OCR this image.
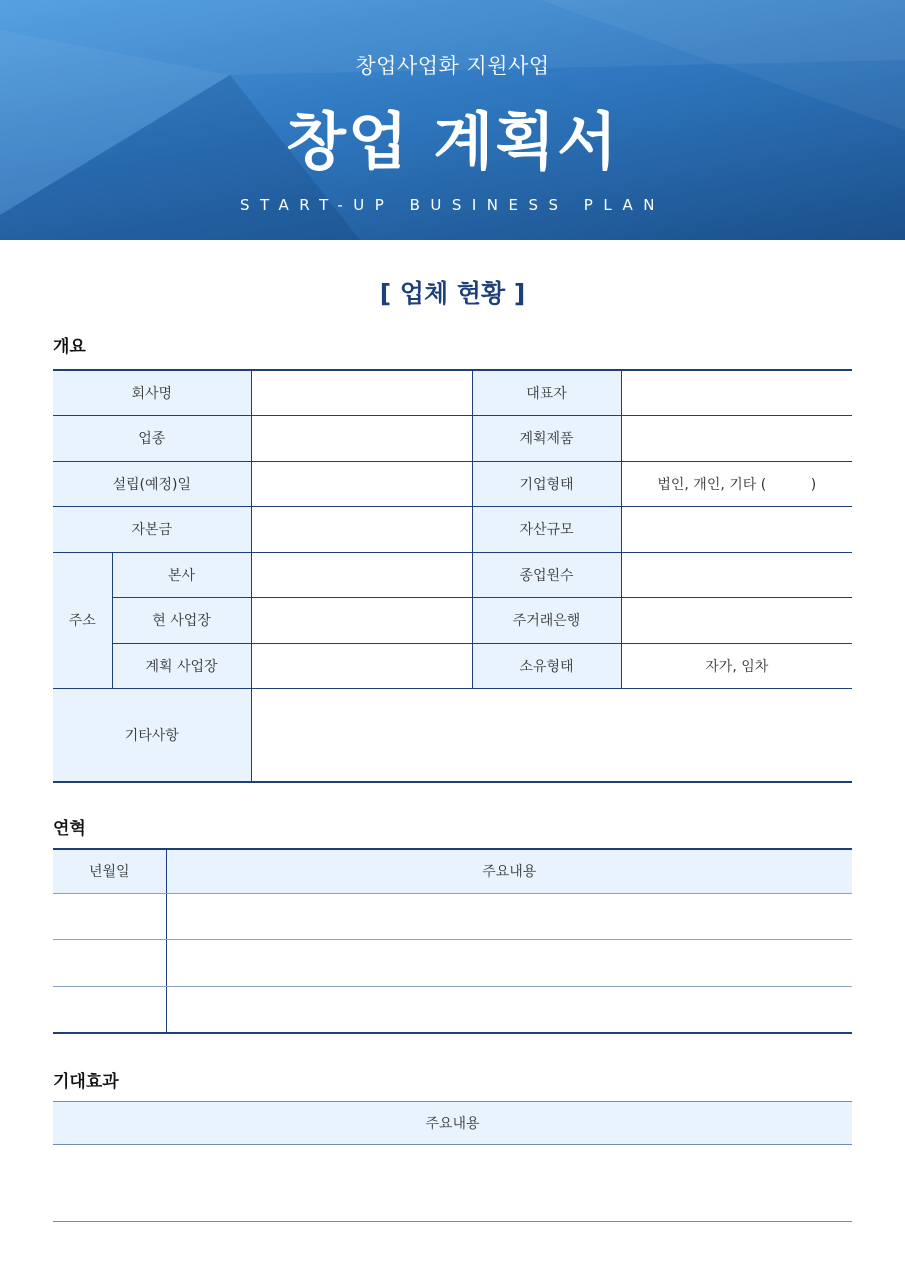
창업사업화 지원사업
창업 계획서
START-UP BUSINESS PLAN
[ 업체 현황 ]
개요
회사명			대표자	
업종			계획제품	
설립(예정)일			기업형태	법인, 개인, 기타 (          )
자본금			자산규모	
주소	본사		종업원수	
	현 사업장		주거래은행	
	계획 사업장		소유형태	자가, 임차
기타사항				
연혁
년월일	주요내용

기대효과
주요내용
